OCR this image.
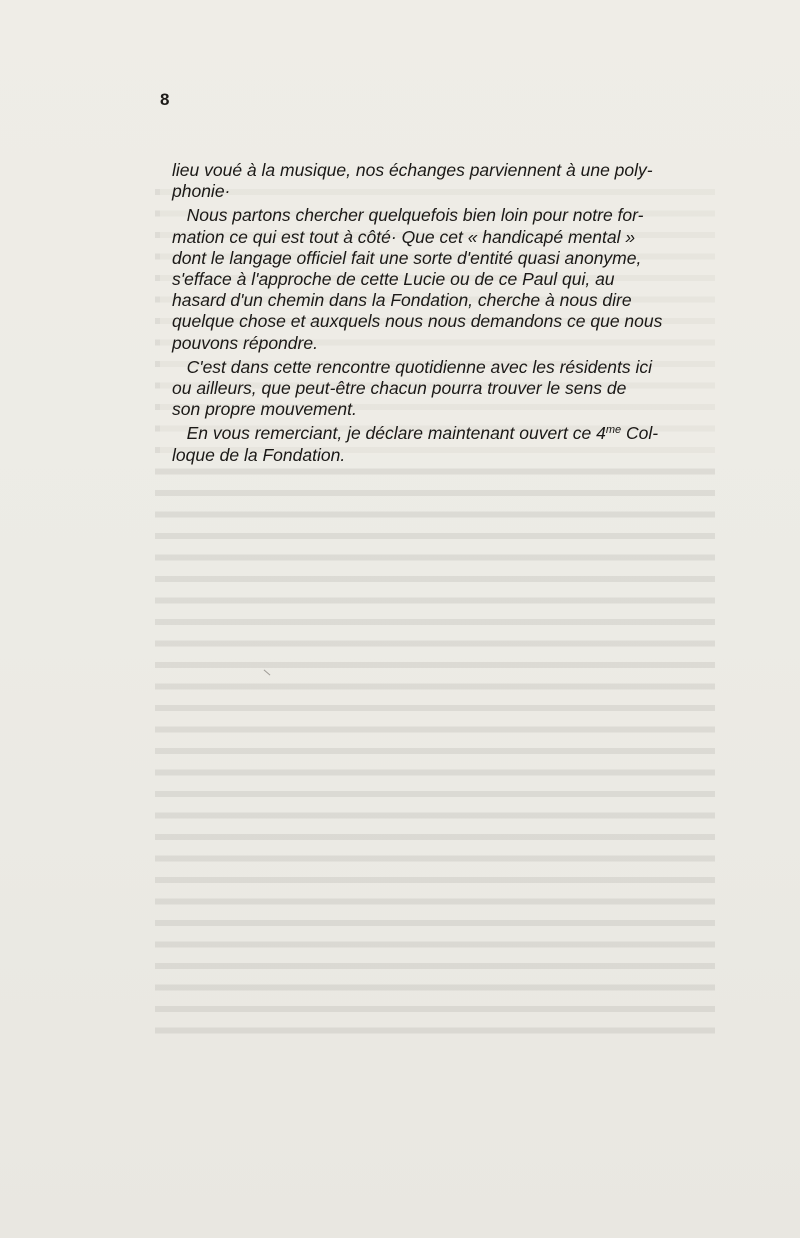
8

lieu voué à la musique, nos échanges parviennent à une poly-
phonie·

Nous partons chercher quelquefois bien loin pour notre for-
mation ce qui est tout à côté· Que cet « handicapé mental »
dont le langage officiel fait une sorte d'entité quasi anonyme,
s'efface à l'approche de cette Lucie ou de ce Paul qui, au
hasard d'un chemin dans la Fondation, cherche à nous dire
quelque chose et auxquels nous nous demandons ce que nous
pouvons répondre.

C'est dans cette rencontre quotidienne avec les résidents ici
ou ailleurs, que peut-être chacun pourra trouver le sens de
son propre mouvement.

En vous remerciant, je déclare maintenant ouvert ce $4^{me}$ Col-
loque de la Fondation.
